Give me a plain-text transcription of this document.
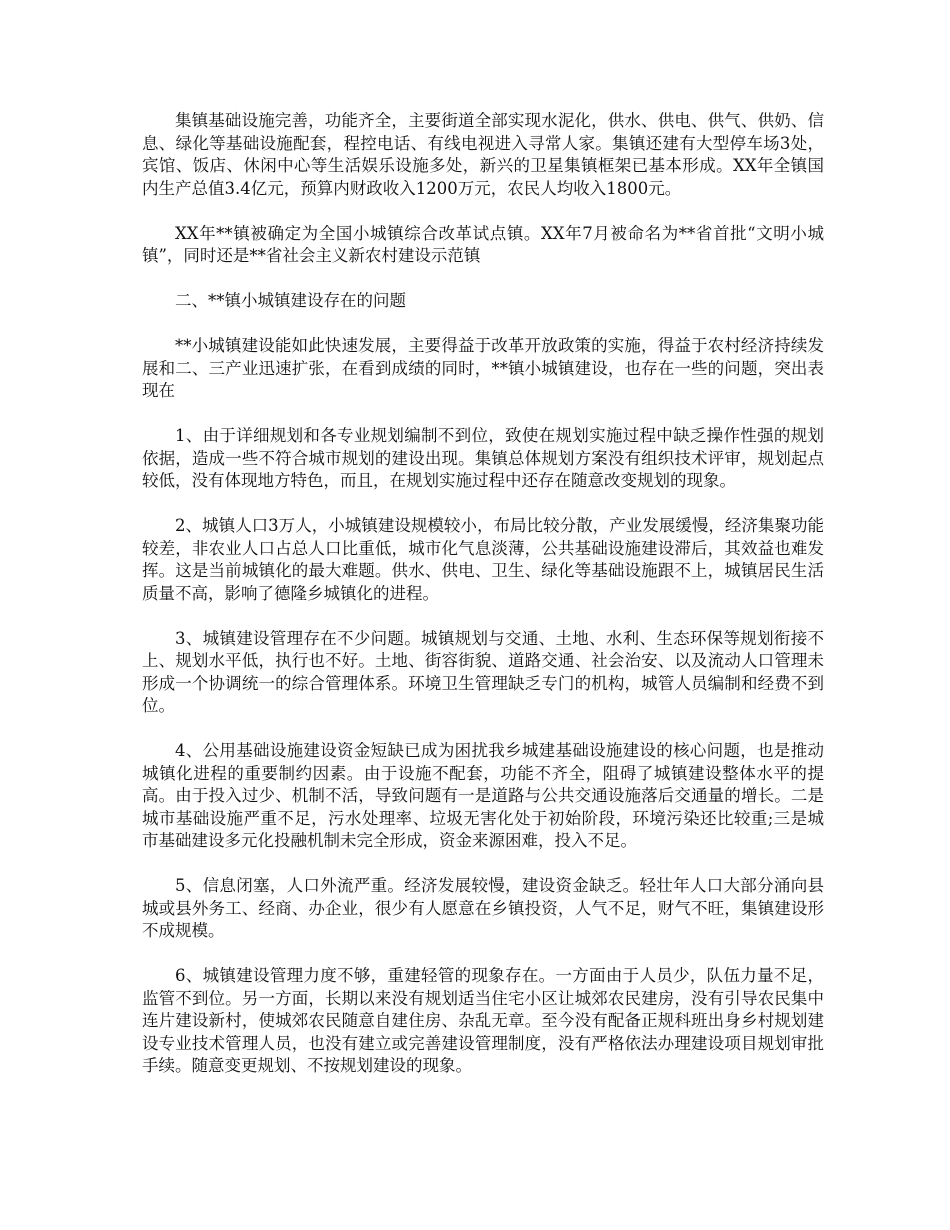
集镇基础设施完善，功能齐全，主要街道全部实现水泥化，供水、供电、供气、供奶、信息、绿化等基础设施配套，程控电话、有线电视进入寻常人家。集镇还建有大型停车场3处，宾馆、饭店、休闲中心等生活娱乐设施多处，新兴的卫星集镇框架已基本形成。XX年全镇国内生产总值3.4亿元，预算内财政收入1200万元，农民人均收入1800元。

XX年**镇被确定为全国小城镇综合改革试点镇。XX年7月被命名为**省首批“文明小城镇”，同时还是**省社会主义新农村建设示范镇

二、**镇小城镇建设存在的问题

**小城镇建设能如此快速发展，主要得益于改革开放政策的实施，得益于农村经济持续发展和二、三产业迅速扩张，在看到成绩的同时，**镇小城镇建设，也存在一些的问题，突出表现在

1、由于详细规划和各专业规划编制不到位，致使在规划实施过程中缺乏操作性强的规划依据，造成一些不符合城市规划的建设出现。集镇总体规划方案没有组织技术评审，规划起点较低，没有体现地方特色，而且，在规划实施过程中还存在随意改变规划的现象。

2、城镇人口3万人，小城镇建设规模较小，布局比较分散，产业发展缓慢，经济集聚功能较差，非农业人口占总人口比重低，城市化气息淡薄，公共基础设施建设滞后，其效益也难发挥。这是当前城镇化的最大难题。供水、供电、卫生、绿化等基础设施跟不上，城镇居民生活质量不高，影响了德隆乡城镇化的进程。

3、城镇建设管理存在不少问题。城镇规划与交通、土地、水利、生态环保等规划衔接不上、规划水平低，执行也不好。土地、街容街貌、道路交通、社会治安、以及流动人口管理未形成一个协调统一的综合管理体系。环境卫生管理缺乏专门的机构，城管人员编制和经费不到位。

4、公用基础设施建设资金短缺已成为困扰我乡城建基础设施建设的核心问题，也是推动城镇化进程的重要制约因素。由于设施不配套，功能不齐全，阻碍了城镇建设整体水平的提高。由于投入过少、机制不活，导致问题有一是道路与公共交通设施落后交通量的增长。二是城市基础设施严重不足，污水处理率、垃圾无害化处于初始阶段，环境污染还比较重;三是城市基础建设多元化投融机制未完全形成，资金来源困难，投入不足。

5、信息闭塞，人口外流严重。经济发展较慢，建设资金缺乏。轻壮年人口大部分涌向县城或县外务工、经商、办企业，很少有人愿意在乡镇投资，人气不足，财气不旺，集镇建设形不成规模。

6、城镇建设管理力度不够，重建轻管的现象存在。一方面由于人员少，队伍力量不足，监管不到位。另一方面，长期以来没有规划适当住宅小区让城郊农民建房，没有引导农民集中连片建设新村，使城郊农民随意自建住房、杂乱无章。至今没有配备正规科班出身乡村规划建设专业技术管理人员，也没有建立或完善建设管理制度，没有严格依法办理建设项目规划审批手续。随意变更规划、不按规划建设的现象。
